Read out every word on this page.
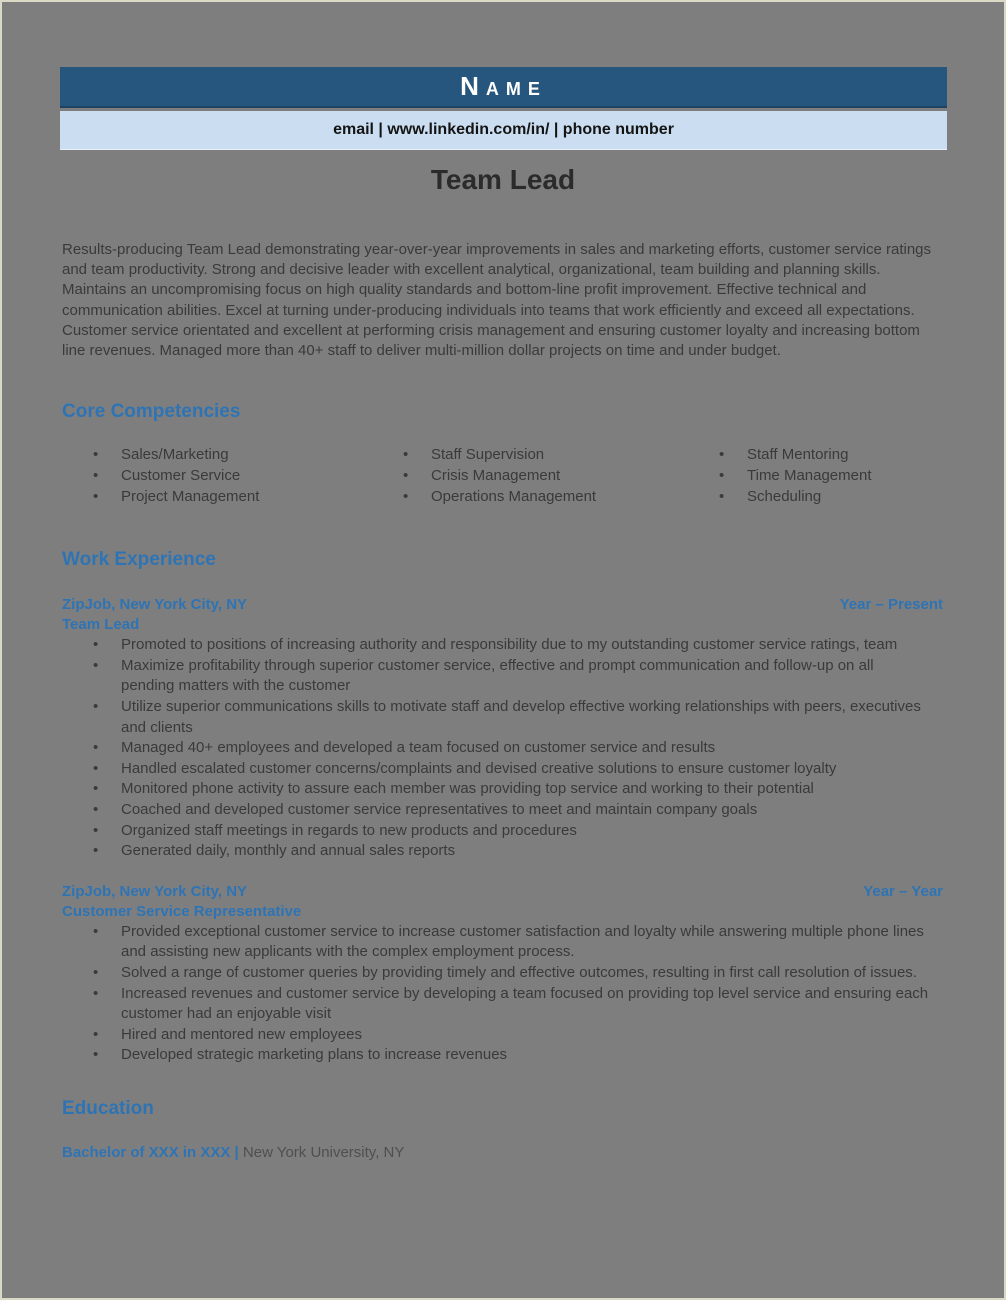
Name
email | www.linkedin.com/in/ | phone number
Team Lead

Results-producing Team Lead demonstrating year-over-year improvements in sales and marketing efforts, customer service ratings and team productivity. Strong and decisive leader with excellent analytical, organizational, team building and planning skills. Maintains an uncompromising focus on high quality standards and bottom-line profit improvement. Effective technical and communication abilities. Excel at turning under-producing individuals into teams that work efficiently and exceed all expectations. Customer service orientated and excellent at performing crisis management and ensuring customer loyalty and increasing bottom line revenues. Managed more than 40+ staff to deliver multi-million dollar projects on time and under budget.

Core Competencies
• Sales/Marketing
• Customer Service
• Project Management
• Staff Supervision
• Crisis Management
• Operations Management
• Staff Mentoring
• Time Management
• Scheduling
Work Experience
ZipJob, New York City, NY
Team Lead
Year – Present
• Promoted to positions of increasing authority and responsibility due to my outstanding customer service ratings, team
• Maximize profitability through superior customer service, effective and prompt communication and follow-up on all pending matters with the customer
• Utilize superior communications skills to motivate staff and develop effective working relationships with peers, executives and clients
• Managed 40+ employees and developed a team focused on customer service and results
• Handled escalated customer concerns/complaints and devised creative solutions to ensure customer loyalty
• Monitored phone activity to assure each member was providing top service and working to their potential
• Coached and developed customer service representatives to meet and maintain company goals
• Organized staff meetings in regards to new products and procedures
• Generated daily, monthly and annual sales reports
ZipJob, New York City, NY
Customer Service Representative
Year – Year
• Provided exceptional customer service to increase customer satisfaction and loyalty while answering multiple phone lines and assisting new applicants with the complex employment process.
• Solved a range of customer queries by providing timely and effective outcomes, resulting in first call resolution of issues.
• Increased revenues and customer service by developing a team focused on providing top level service and ensuring each customer had an enjoyable visit
• Hired and mentored new employees
• Developed strategic marketing plans to increase revenues
Education
Bachelor of XXX in XXX | New York University, NY
